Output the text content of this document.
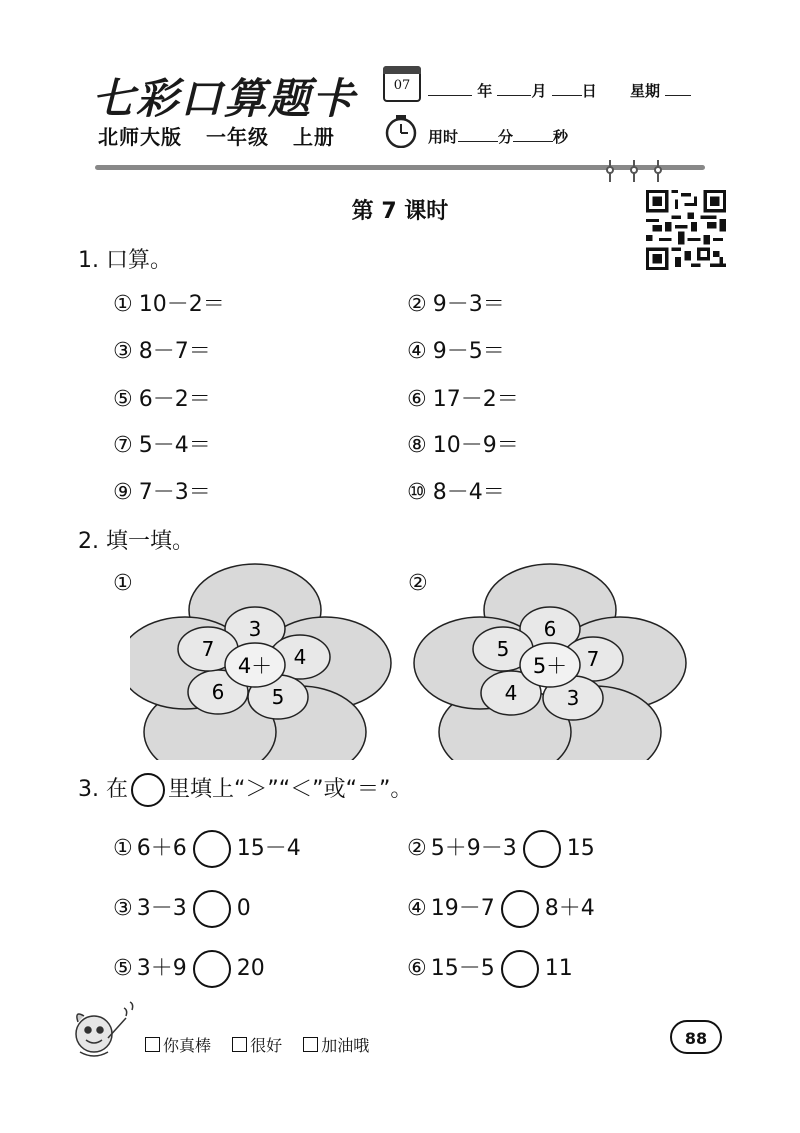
七彩口算题卡	07	年	月 日 星期
北师大版 一年级 上册	用时	分	秒
第 7 课时
1. 口算。
① 10－2＝	② 9－3＝
③ 8－7＝	④ 9－5＝
⑤ 6－2＝	⑥ 17－2＝
⑦ 5－4＝	⑧ 10－9＝
⑨ 7－3＝	⑩ 8－4＝
2. 填一填。
①	②
3
4
5
6
7
4＋
6
7
3
4
5
5＋
3. 在 里填上“＞”“＜”或“＝”。
① 6＋6 15－4	② 5＋9－3 15
③ 3－3 0	④ 19－7 8＋4
⑤ 3＋9 20	⑥ 15－5 11
你真棒 很好 加油哦	88
